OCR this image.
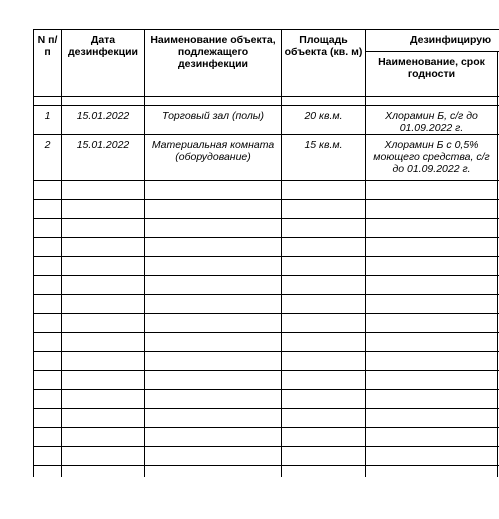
N п/п	Дата дезинфекции	Наименование объекта, подлежащего дезинфекции	Площадь объекта (кв. м)	Дезинфицирую	
				Наименование, срок годности	

1	15.01.2022	Торговый зал (полы)	20 кв.м.	Хлорамин Б, с/г до 01.09.2022 г.	
2	15.01.2022	Материальная комната (оборудование)	15 кв.м.	Хлорамин Б с 0,5% моющего средства, с/г до 01.09.2022 г.	
